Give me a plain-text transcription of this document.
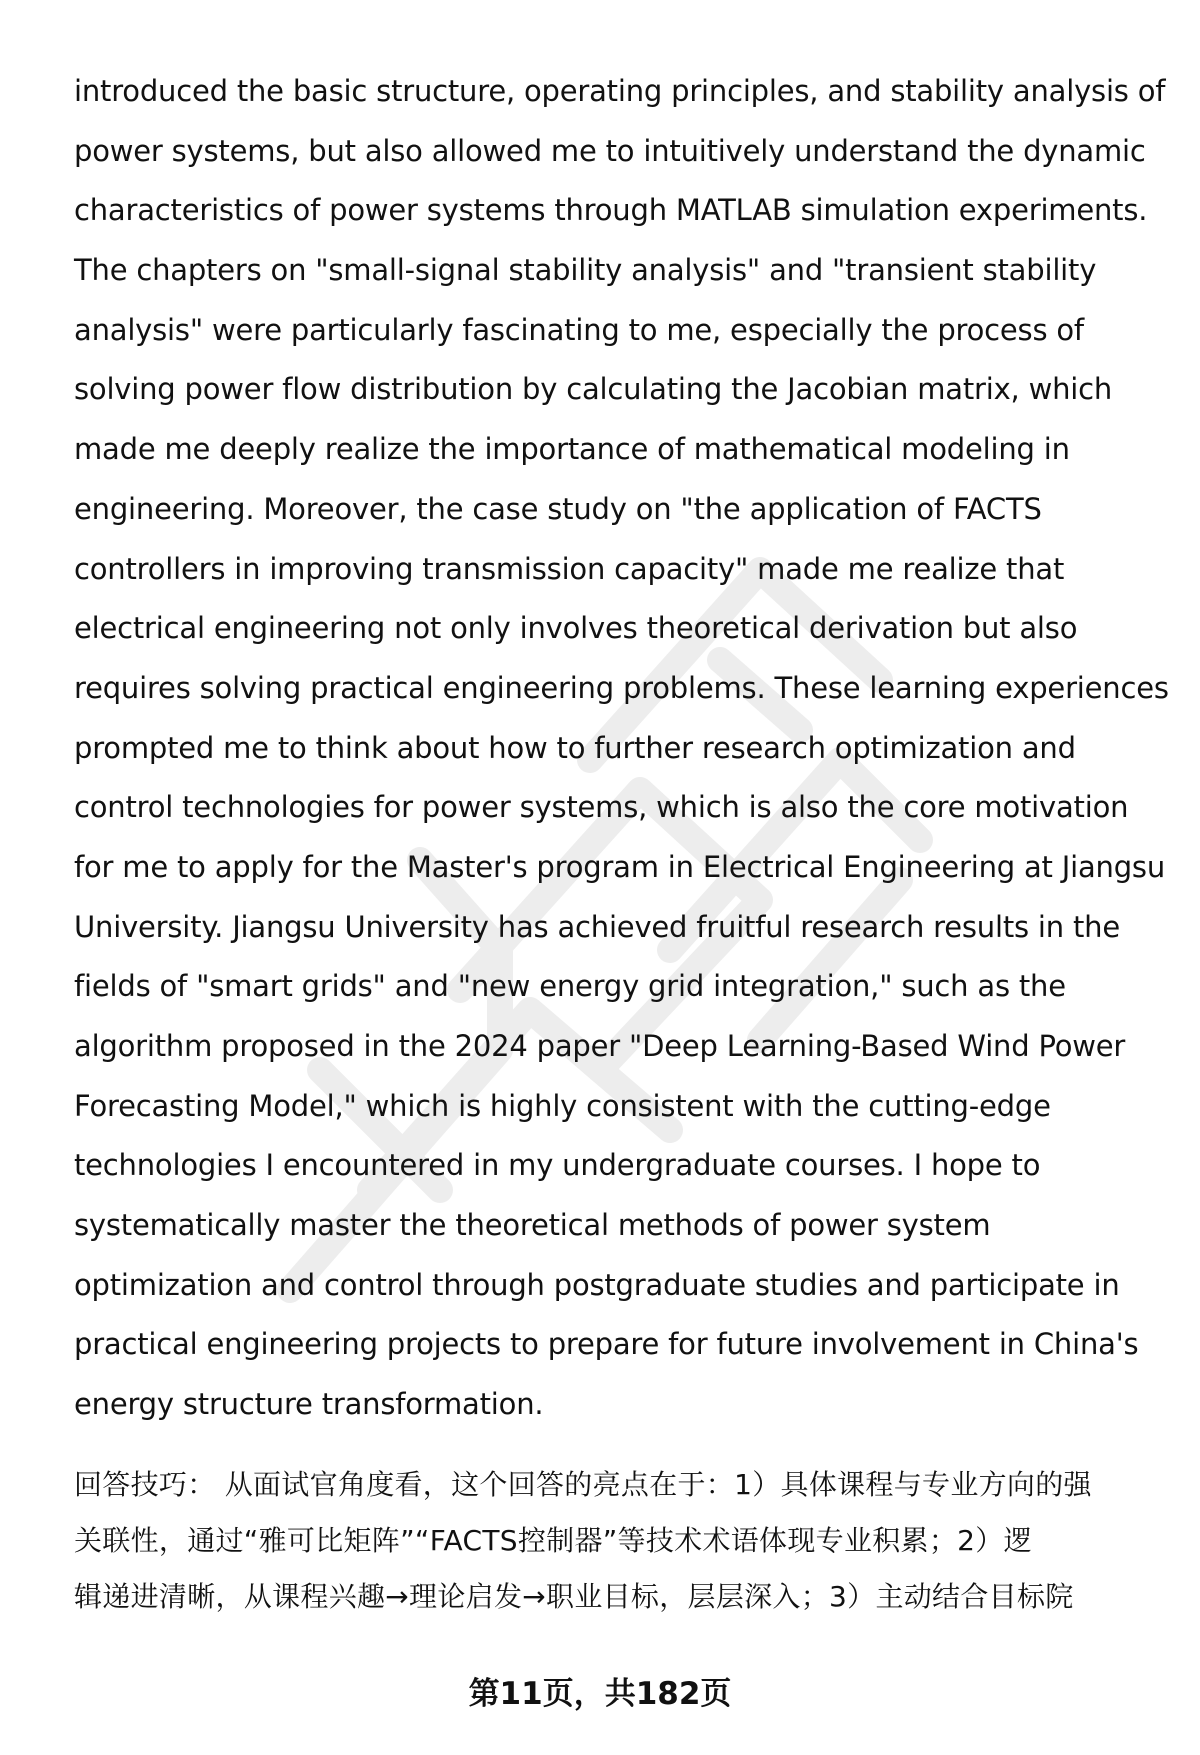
introduced the basic structure, operating principles, and stability analysis of
power systems, but also allowed me to intuitively understand the dynamic
characteristics of power systems through MATLAB simulation experiments.
The chapters on "small-signal stability analysis" and "transient stability
analysis" were particularly fascinating to me, especially the process of
solving power flow distribution by calculating the Jacobian matrix, which
made me deeply realize the importance of mathematical modeling in
engineering. Moreover, the case study on "the application of FACTS
controllers in improving transmission capacity" made me realize that
electrical engineering not only involves theoretical derivation but also
requires solving practical engineering problems. These learning experiences
prompted me to think about how to further research optimization and
control technologies for power systems, which is also the core motivation
for me to apply for the Master's program in Electrical Engineering at Jiangsu
University. Jiangsu University has achieved fruitful research results in the
fields of "smart grids" and "new energy grid integration," such as the
algorithm proposed in the 2024 paper "Deep Learning-Based Wind Power
Forecasting Model," which is highly consistent with the cutting-edge
technologies I encountered in my undergraduate courses. I hope to
systematically master the theoretical methods of power system
optimization and control through postgraduate studies and participate in
practical engineering projects to prepare for future involvement in China's
energy structure transformation.
回答技巧： 从面试官角度看，这个回答的亮点在于：1）具体课程与专业方向的强
关联性，通过“雅可比矩阵”“FACTS控制器”等技术术语体现专业积累；2）逻
辑递进清晰，从课程兴趣→理论启发→职业目标，层层深入；3）主动结合目标院
第11页，共182页
